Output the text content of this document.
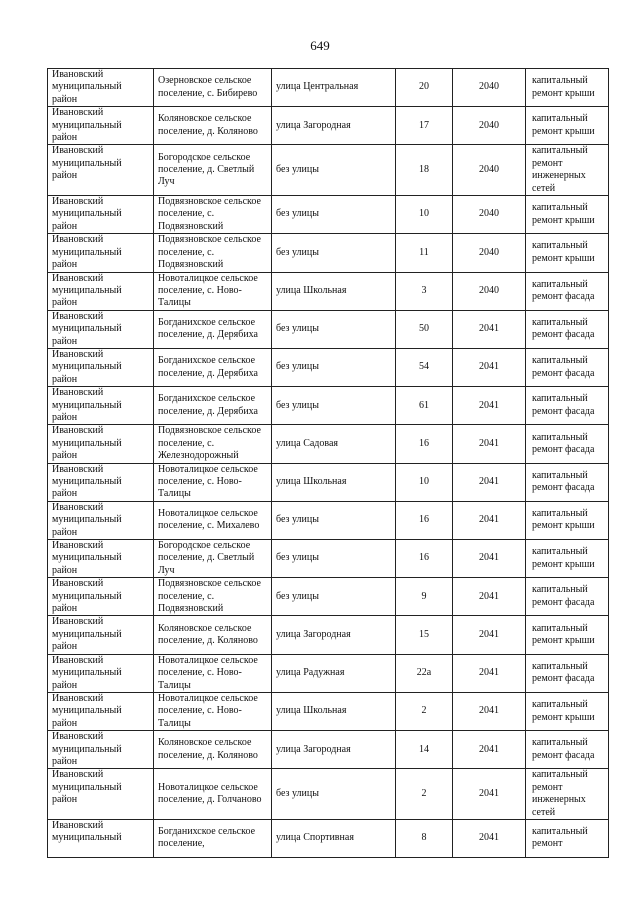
649
Ивановский муниципальный район	Озерновское сельское поселение, с. Бибирево	улица Центральная	20	2040	капитальный ремонт крыши
Ивановский муниципальный район	Коляновское сельское поселение, д. Коляново	улица Загородная	17	2040	капитальный ремонт крыши
Ивановский муниципальный район	Богородское сельское поселение, д. Светлый Луч	без улицы	18	2040	капитальный ремонт инженерных сетей
Ивановский муниципальный район	Подвязновское сельское поселение, с. Подвязновский	без улицы	10	2040	капитальный ремонт крыши
Ивановский муниципальный район	Подвязновское сельское поселение, с. Подвязновский	без улицы	11	2040	капитальный ремонт крыши
Ивановский муниципальный район	Новоталицкое сельское поселение, с. Ново-Талицы	улица Школьная	3	2040	капитальный ремонт фасада
Ивановский муниципальный район	Богданихское сельское поселение, д. Дерябиха	без улицы	50	2041	капитальный ремонт фасада
Ивановский муниципальный район	Богданихское сельское поселение, д. Дерябиха	без улицы	54	2041	капитальный ремонт фасада
Ивановский муниципальный район	Богданихское сельское поселение, д. Дерябиха	без улицы	61	2041	капитальный ремонт фасада
Ивановский муниципальный район	Подвязновское сельское поселение, с. Железнодорожный	улица Садовая	16	2041	капитальный ремонт фасада
Ивановский муниципальный район	Новоталицкое сельское поселение, с. Ново-Талицы	улица Школьная	10	2041	капитальный ремонт фасада
Ивановский муниципальный район	Новоталицкое сельское поселение, с. Михалево	без улицы	16	2041	капитальный ремонт крыши
Ивановский муниципальный район	Богородское сельское поселение, д. Светлый Луч	без улицы	16	2041	капитальный ремонт крыши
Ивановский муниципальный район	Подвязновское сельское поселение, с. Подвязновский	без улицы	9	2041	капитальный ремонт фасада
Ивановский муниципальный район	Коляновское сельское поселение, д. Коляново	улица Загородная	15	2041	капитальный ремонт крыши
Ивановский муниципальный район	Новоталицкое сельское поселение, с. Ново-Талицы	улица Радужная	22а	2041	капитальный ремонт фасада
Ивановский муниципальный район	Новоталицкое сельское поселение, с. Ново-Талицы	улица Школьная	2	2041	капитальный ремонт крыши
Ивановский муниципальный район	Коляновское сельское поселение, д. Коляново	улица Загородная	14	2041	капитальный ремонт фасада
Ивановский муниципальный район	Новоталицкое сельское поселение, д. Голчаново	без улицы	2	2041	капитальный ремонт инженерных сетей
Ивановский муниципальный	Богданихское сельское поселение,	улица Спортивная	8	2041	капитальный ремонт
